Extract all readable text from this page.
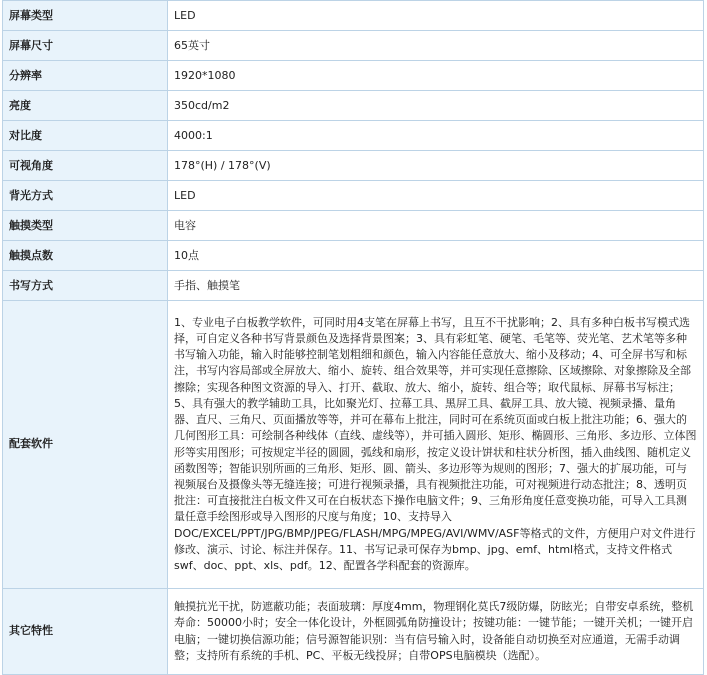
屏幕类型	LED
屏幕尺寸	65英寸
分辨率	1920*1080
亮度	350cd/m2
对比度	4000:1
可视角度	178°(H) / 178°(V)
背光方式	LED
触摸类型	电容
触摸点数	10点
书写方式	手指、触摸笔
配套软件	1、专业电子白板教学软件，可同时用4支笔在屏幕上书写，且互不干扰影响；2、具有多种白板书写模式选择，可自定义各种书写背景颜色及选择背景图案；3、具有彩虹笔、硬笔、毛笔等、荧光笔、艺术笔等多种书写输入功能，输入时能够控制笔划粗细和颜色，输入内容能任意放大、缩小及移动；4、可全屏书写和标注，书写内容局部或全屏放大、缩小、旋转、组合效果等，并可实现任意擦除、区域擦除、对象擦除及全部擦除；实现各种图文资源的导入、打开、截取、放大、缩小，旋转、组合等；取代鼠标、屏幕书写标注；5、具有强大的教学辅助工具，比如聚光灯、拉幕工具、黑屏工具、截屏工具、放大镜、视频录播、量角器、直尺、三角尺、页面播放等等，并可在幕布上批注，同时可在系统页面或白板上批注功能；6、强大的几何图形工具：可绘制各种线体（直线、虚线等），并可插入圆形、矩形、椭圆形、三角形、多边形、立体图形等实用图形；可按规定半径的圆圆，弧线和扇形，按定义设计饼状和柱状分析图，插入曲线图、随机定义函数图等；智能识别所画的三角形、矩形、圆、箭头、多边形等为规则的图形；7、强大的扩展功能，可与视频展台及摄像头等无缝连接；可进行视频录播，具有视频批注功能，可对视频进行动态批注；8、透明页批注：可直接批注白板文件又可在白板状态下操作电脑文件；9、三角形角度任意变换功能，可导入工具测量任意手绘图形或导入图形的尺度与角度；10、支持导入DOC/EXCEL/PPT/JPG/BMP/JPEG/FLASH/MPG/MPEG/AVI/WMV/ASF等格式的文件，方便用户对文件进行修改、演示、讨论、标注并保存。11、书写记录可保存为bmp、jpg、emf、html格式，支持文件格式swf、doc、ppt、xls、pdf。12、配置各学科配套的资源库。
其它特性	触摸抗光干扰，防遮蔽功能；表面玻璃：厚度4mm，物理钢化莫氏7级防爆，防眩光；自带安卓系统，整机寿命：50000小时；安全一体化设计，外框圆弧角防撞设计；按键功能：一键节能；一键开关机；一键开启电脑；一键切换信源功能；信号源智能识别：当有信号输入时，设备能自动切换至对应通道，无需手动调整；支持所有系统的手机、PC、平板无线投屏；自带OPS电脑模块（选配）。
